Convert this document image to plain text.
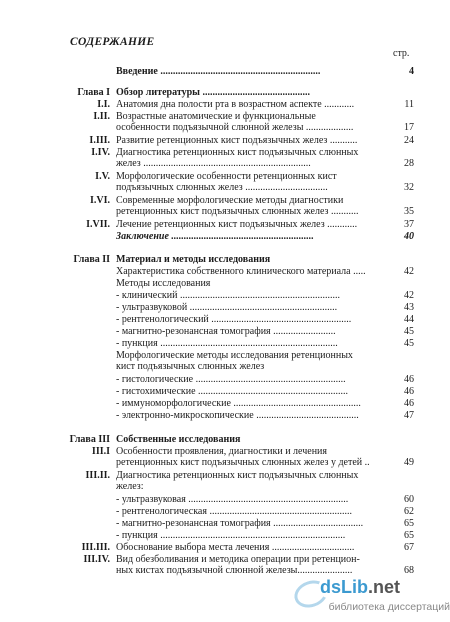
СОДЕРЖАНИЕ
стр.
Введение ................................................................	4
Глава I Обзор литературы ...........................................
I.I. Анатомия дна полости рта в возрастном аспекте ............	11
I.II. Возрастные анатомические и функциональные
особенности подъязычной слюнной железы ...................	17
I.III. Развитие ретенционных кист подъязычных желез ...........	24
I.IV. Диагностика ретенционных кист подъязычных слюнных
желез ...................................................................	28
I.V. Морфологические особенности ретенционных кист
подъязычных слюнных желез .................................	32
I.VI. Современные морфологические методы диагностики
ретенционных кист подъязычных слюнных желез ...........	35
I.VII. Лечение ретенционных кист подъязычных желез ............	37
Заключение .........................................................	40
Глава II Материал и методы исследования
Характеристика собственного клинического материала .....	42
Методы исследования
- клинический ................................................................	42
- ультразвуковой ...........................................................	43
- рентгенологический ........................................................	44
- магнитно-резонансная томография .........................	45
- пункция .......................................................................	45
Морфологические методы исследования ретенционных
кист подъязычных слюнных желез
- гистологические ............................................................	46
- гистохимические ............................................................	46
- иммуноморфологические ...................................................	46
- электронно-микроскопические .........................................	47
Глава III Собственные исследования
III.I Особенности проявления, диагностики и лечения
ретенционных кист подъязычных слюнных желез у детей ..	49
III.II. Диагностика ретенционных кист подъязычных слюнных
желез:
- ультразвуковая ................................................................	60
- рентгенологическая .........................................................	62
- магнитно-резонансная томография ....................................	65
- пункция ..........................................................................	65
III.III. Обоснование выбора места лечения .................................	67
III.IV. Вид обезболивания и методика операции при ретенцион-
ных кистах подъязычной слюнной железы......................	68
dsLib.net
библиотека диссертаций
